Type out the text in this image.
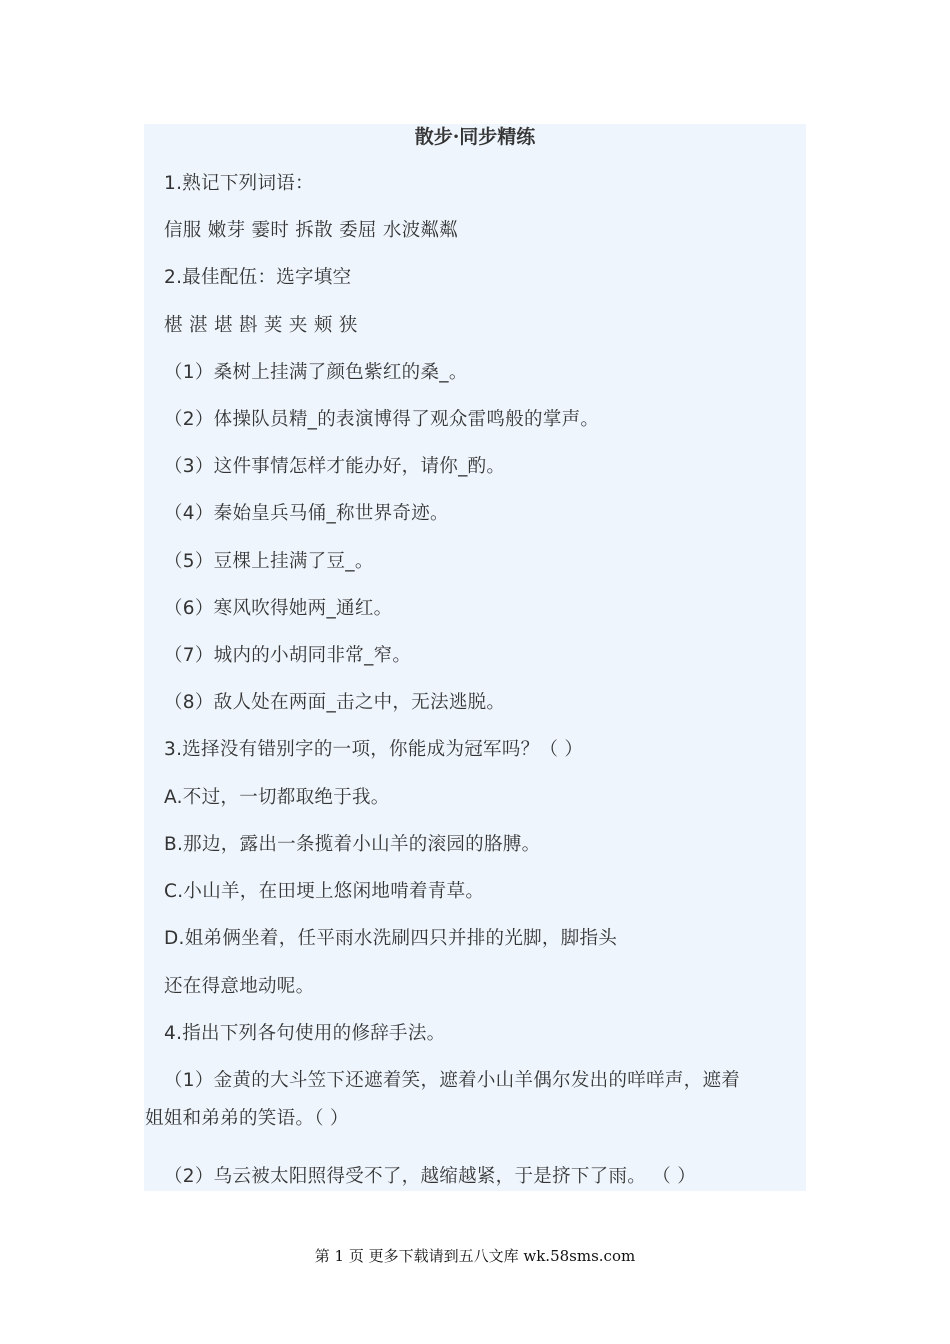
散步·同步精练
1.熟记下列词语：
信服 嫩芽 霎时 拆散 委屈 水波粼粼
2.最佳配伍：选字填空
椹 湛 堪 斟 荚 夹 颊 狭
（1）桑树上挂满了颜色紫红的桑_。
（2）体操队员精_的表演博得了观众雷鸣般的掌声。
（3）这件事情怎样才能办好，请你_酌。
（4）秦始皇兵马俑_称世界奇迹。
（5）豆棵上挂满了豆_。
（6）寒风吹得她两_通红。
（7）城内的小胡同非常_窄。
（8）敌人处在两面_击之中，无法逃脱。
3.选择没有错别字的一项，你能成为冠军吗？（ ）
A.不过，一切都取绝于我。
B.那边，露出一条揽着小山羊的滚园的胳膊。
C.小山羊，在田埂上悠闲地啃着青草。
D.姐弟俩坐着，任平雨水洗刷四只并排的光脚，脚指头
还在得意地动呢。
4.指出下列各句使用的修辞手法。
（1）金黄的大斗笠下还遮着笑，遮着小山羊偶尔发出的咩咩声，遮着
姐姐和弟弟的笑语。（ ）
（2）乌云被太阳照得受不了，越缩越紧，于是挤下了雨。 （ ）
第 1 页 更多下载请到五八文库 wk.58sms.com
